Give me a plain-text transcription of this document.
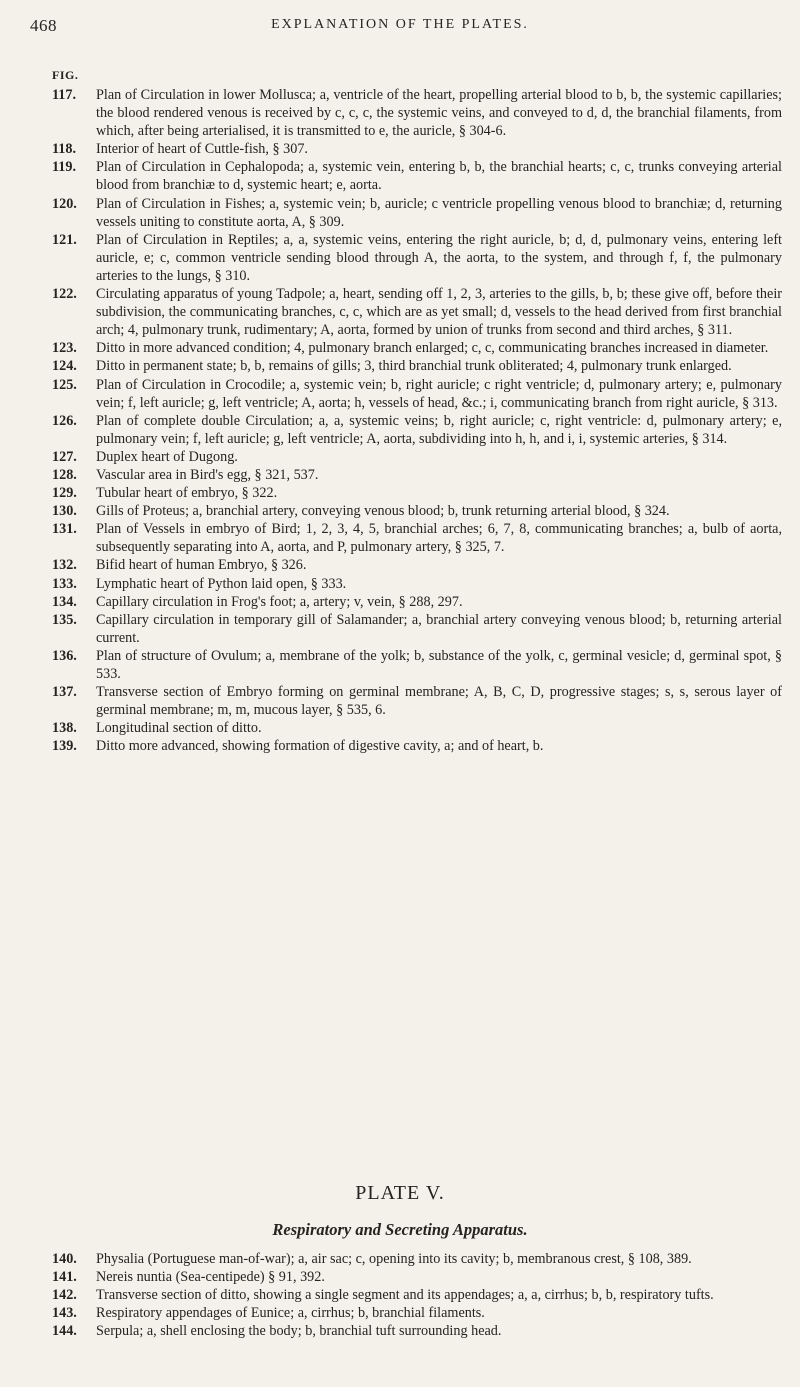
468	EXPLANATION OF THE PLATES.
FIG.

117. Plan of Circulation in lower Mollusca; a, ventricle of the heart, propelling arterial blood to b, b, the systemic capillaries; the blood rendered venous is received by c, c, c, the systemic veins, and conveyed to d, d, the branchial filaments, from which, after being arterialised, it is transmitted to e, the auricle, § 304-6.

118. Interior of heart of Cuttle-fish, § 307.

119. Plan of Circulation in Cephalopoda; a, systemic vein, entering b, b, the branchial hearts; c, c, trunks conveying arterial blood from branchiæ to d, systemic heart; e, aorta.

120. Plan of Circulation in Fishes; a, systemic vein; b, auricle; c ventricle propelling venous blood to branchiæ; d, returning vessels uniting to constitute aorta, A, § 309.

121. Plan of Circulation in Reptiles; a, a, systemic veins, entering the right auricle, b; d, d, pulmonary veins, entering left auricle, e; c, common ventricle sending blood through A, the aorta, to the system, and through f, f, the pulmonary arteries to the lungs, § 310.

122. Circulating apparatus of young Tadpole; a, heart, sending off 1, 2, 3, arteries to the gills, b, b; these give off, before their subdivision, the communicating branches, c, c, which are as yet small; d, vessels to the head derived from first branchial arch; 4, pulmonary trunk, rudimentary; A, aorta, formed by union of trunks from second and third arches, § 311.

123. Ditto in more advanced condition; 4, pulmonary branch enlarged; c, c, communicating branches increased in diameter.

124. Ditto in permanent state; b, b, remains of gills; 3, third branchial trunk obliterated; 4, pulmonary trunk enlarged.

125. Plan of Circulation in Crocodile; a, systemic vein; b, right auricle; c right ventricle; d, pulmonary artery; e, pulmonary vein; f, left auricle; g, left ventricle; A, aorta; h, vessels of head, &c.; i, communicating branch from right auricle, § 313.

126. Plan of complete double Circulation; a, a, systemic veins; b, right auricle; c, right ventricle: d, pulmonary artery; e, pulmonary vein; f, left auricle; g, left ventricle; A, aorta, subdividing into h, h, and i, i, systemic arteries, § 314.

127. Duplex heart of Dugong.

128. Vascular area in Bird's egg, § 321, 537.

129. Tubular heart of embryo, § 322.

130. Gills of Proteus; a, branchial artery, conveying venous blood; b, trunk returning arterial blood, § 324.

131. Plan of Vessels in embryo of Bird; 1, 2, 3, 4, 5, branchial arches; 6, 7, 8, communicating branches; a, bulb of aorta, subsequently separating into A, aorta, and P, pulmonary artery, § 325, 7.

132. Bifid heart of human Embryo, § 326.

133. Lymphatic heart of Python laid open, § 333.

134. Capillary circulation in Frog's foot; a, artery; v, vein, § 288, 297.

135. Capillary circulation in temporary gill of Salamander; a, branchial artery conveying venous blood; b, returning arterial current.

136. Plan of structure of Ovulum; a, membrane of the yolk; b, substance of the yolk, c, germinal vesicle; d, germinal spot, § 533.

137. Transverse section of Embryo forming on germinal membrane; A, B, C, D, progressive stages; s, s, serous layer of germinal membrane; m, m, mucous layer, § 535, 6.

138. Longitudinal section of ditto.

139. Ditto more advanced, showing formation of digestive cavity, a; and of heart, b.

PLATE V.
Respiratory and Secreting Apparatus.

140. Physalia (Portuguese man-of-war); a, air sac; c, opening into its cavity; b, membranous crest, § 108, 389.

141. Nereis nuntia (Sea-centipede) § 91, 392.

142. Transverse section of ditto, showing a single segment and its appendages; a, a, cirrhus; b, b, respiratory tufts.

143. Respiratory appendages of Eunice; a, cirrhus; b, branchial filaments.

144. Serpula; a, shell enclosing the body; b, branchial tuft surrounding head.
